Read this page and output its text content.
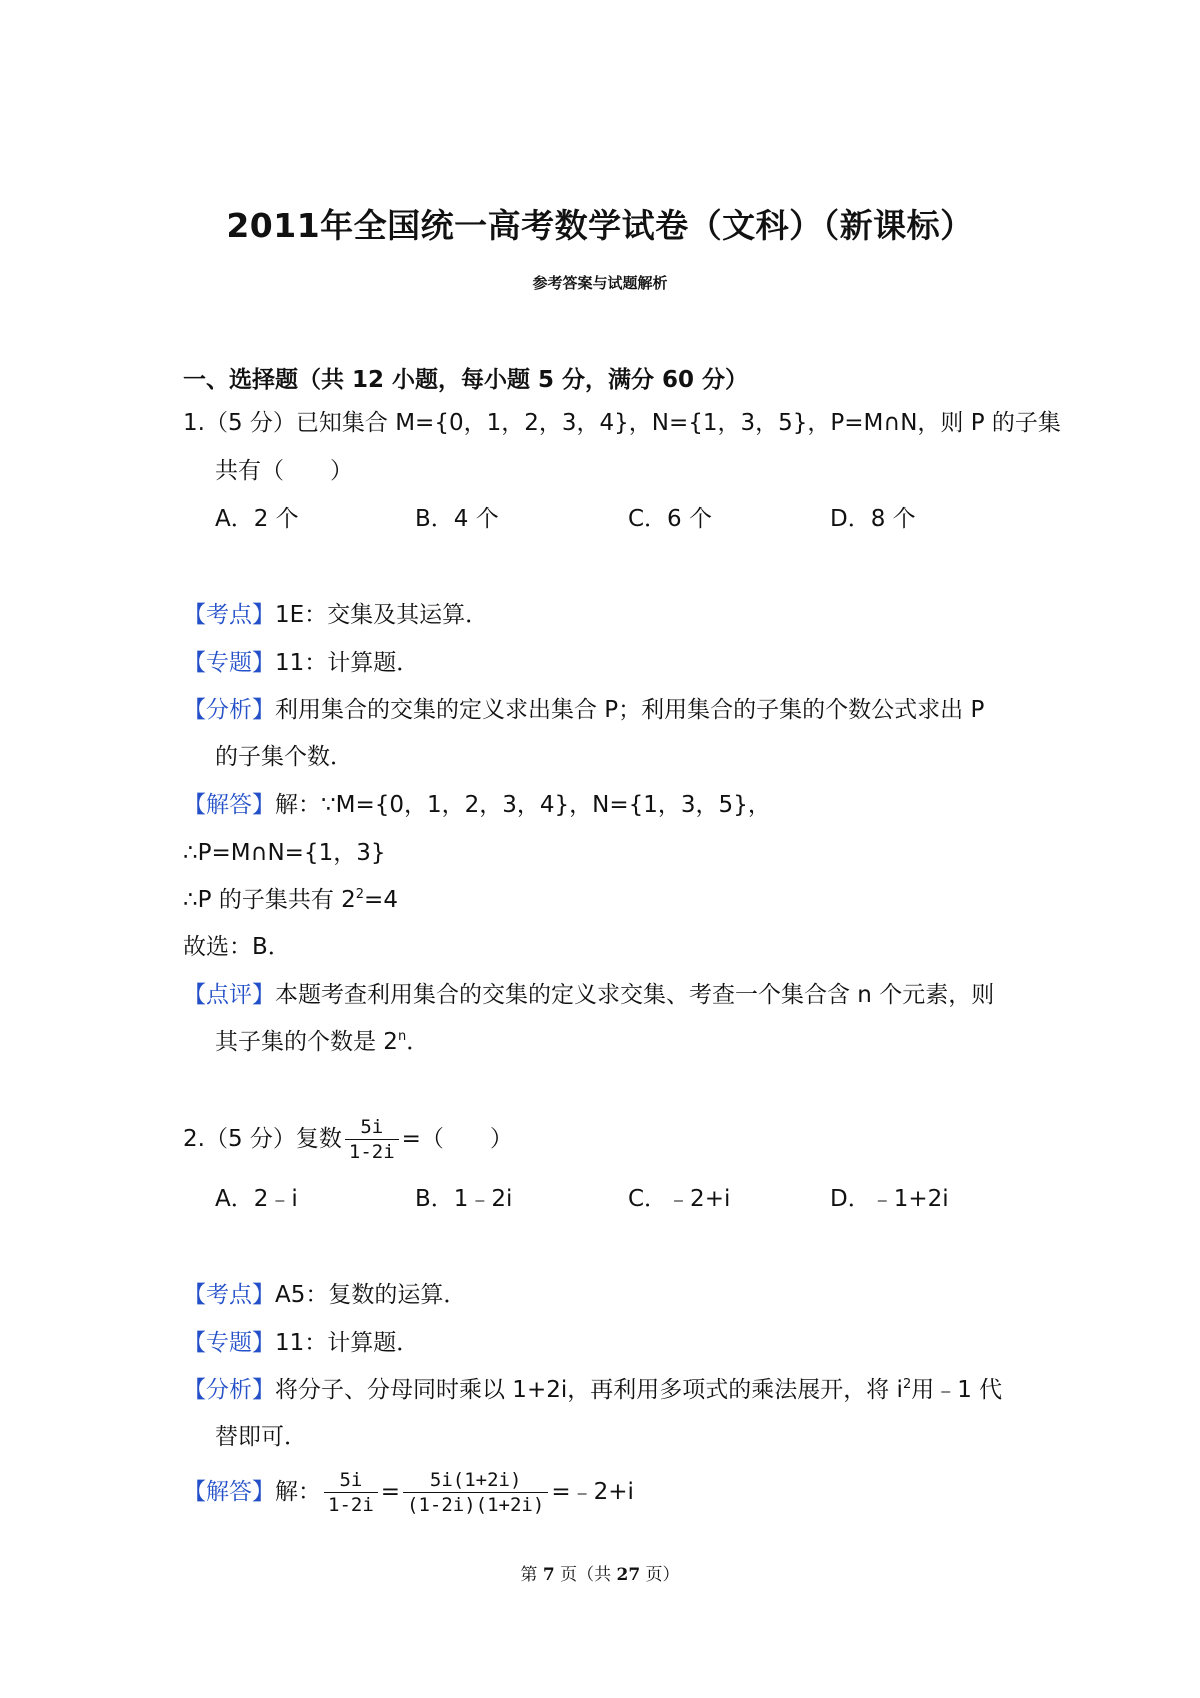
2011年全国统一高考数学试卷（文科）（新课标）
参考答案与试题解析
一、选择题（共 12 小题，每小题 5 分，满分 60 分）
1.（5 分）已知集合 M={0，1，2，3，4}，N={1，3，5}，P=M∩N，则 P 的子集
共有（　　）
A．2 个	B．4 个	C．6 个	D．8 个
【考点】1E：交集及其运算．
【专题】11：计算题．
【分析】利用集合的交集的定义求出集合 P；利用集合的子集的个数公式求出 P
的子集个数．
【解答】解：∵M={0，1，2，3，4}，N={1，3，5}，
∴P=M∩N={1，3}
∴P 的子集共有 $2^2=4$
故选：B．
【点评】本题考查利用集合的交集的定义求交集、考查一个集合含 n 个元素，则
其子集的个数是 2$^n$．
2.（5 分）复数 $\frac{5i}{1-2i}$ =（　　）
A．2﹣i	B．1﹣2i	C．﹣2+i	D．﹣1+2i
【考点】A5：复数的运算．
【专题】11：计算题．
【分析】将分子、分母同时乘以 1+2i，再利用多项式的乘法展开，将 $i^2$用﹣1 代
替即可．
【解答】解： $\frac{5i}{1-2i} = \frac{5i(1+2i)}{(1-2i)(1+2i)}$ =﹣2+i
第 7 页（共 27 页）
